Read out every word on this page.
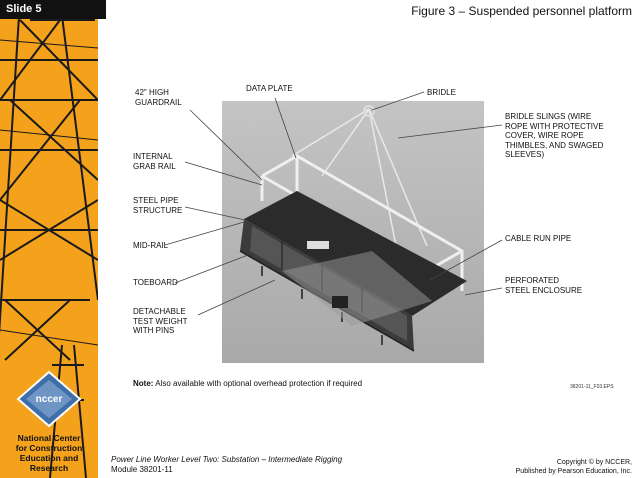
nccer
National Center
for Construction
Education and
Research
Slide 5	Figure 3 – Suspended personnel platform
42" HIGH
GUARDRAIL
DATA PLATE	BRIDLE
BRIDLE SLINGS (WIRE
ROPE WITH PROTECTIVE
COVER, WIRE ROPE
THIMBLES, AND SWAGED
SLEEVES)
INTERNAL
GRAB RAIL
STEEL PIPE
STRUCTURE
MID-RAIL
CABLE RUN PIPE
TOEBOARD	PERFORATED
STEEL ENCLOSURE
DETACHABLE
TEST WEIGHT
WITH PINS
Note: Also available with optional overhead protection if required	38201-11_F03.EPS
Power Line Worker Level Two: Substation – Intermediate Rigging
Module 38201-11
Copyright © by NCCER,
Published by Pearson Education, Inc.
